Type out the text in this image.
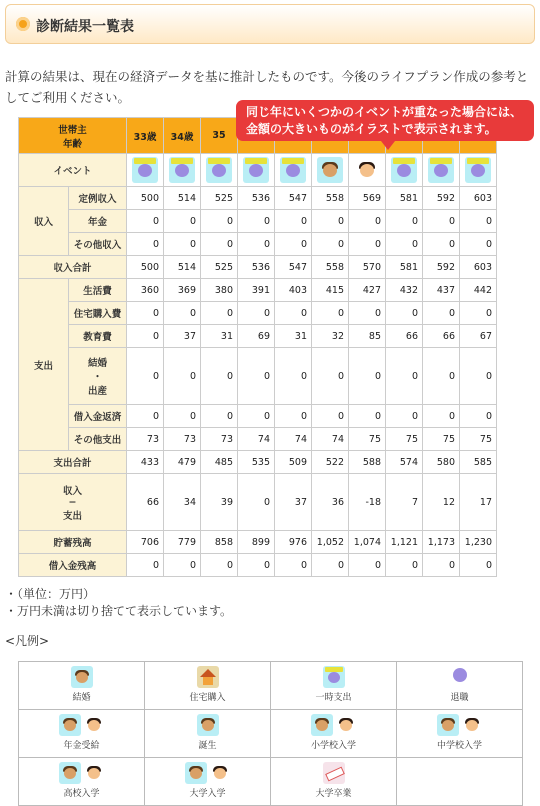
診断結果一覧表
計算の結果は、現在の経済データを基に推計したものです。今後のライフプラン作成の参考としてご利用ください。
世帯主
年齢		33歳	34歳	35							
イベント		

収入	定例収入	500	514	525	536	547	558	569	581	592	603
	年金	0	0	0	0	0	0	0	0	0	0
	その他収入	0	0	0	0	0	0	0	0	0	0
収入合計		500	514	525	536	547	558	570	581	592	603
支出	生活費	360	369	380	391	403	415	427	432	437	442
	住宅購入費	0	0	0	0	0	0	0	0	0	0
	教育費	0	37	31	69	31	32	85	66	66	67

	結婚
・
出産	0	0	0	0	0	0	0	0	0	0
	借入金返済	0	0	0	0	0	0	0	0	0	0
	その他支出	73	73	73	74	74	74	75	75	75	75
支出合計		433	479	485	535	509	522	588	574	580	585

収入
−
支出		66	34	39	0	37	36	-18	7	12	17
貯蓄残高		706	779	858	899	976	1,052	1,074	1,121	1,173	1,230
借入金残高		0	0	0	0	0	0	0	0	0	0
同じ年にいくつかのイベントが重なった場合には、
金額の大きいものがイラストで表示されます。
・（単位：万円）
・万円未満は切り捨てて表示しています。
<凡例>
結婚	住宅購入	一時支出	退職

年金受給	誕生	小学校入学	中学校入学

高校入学	大学入学	大学卒業	
